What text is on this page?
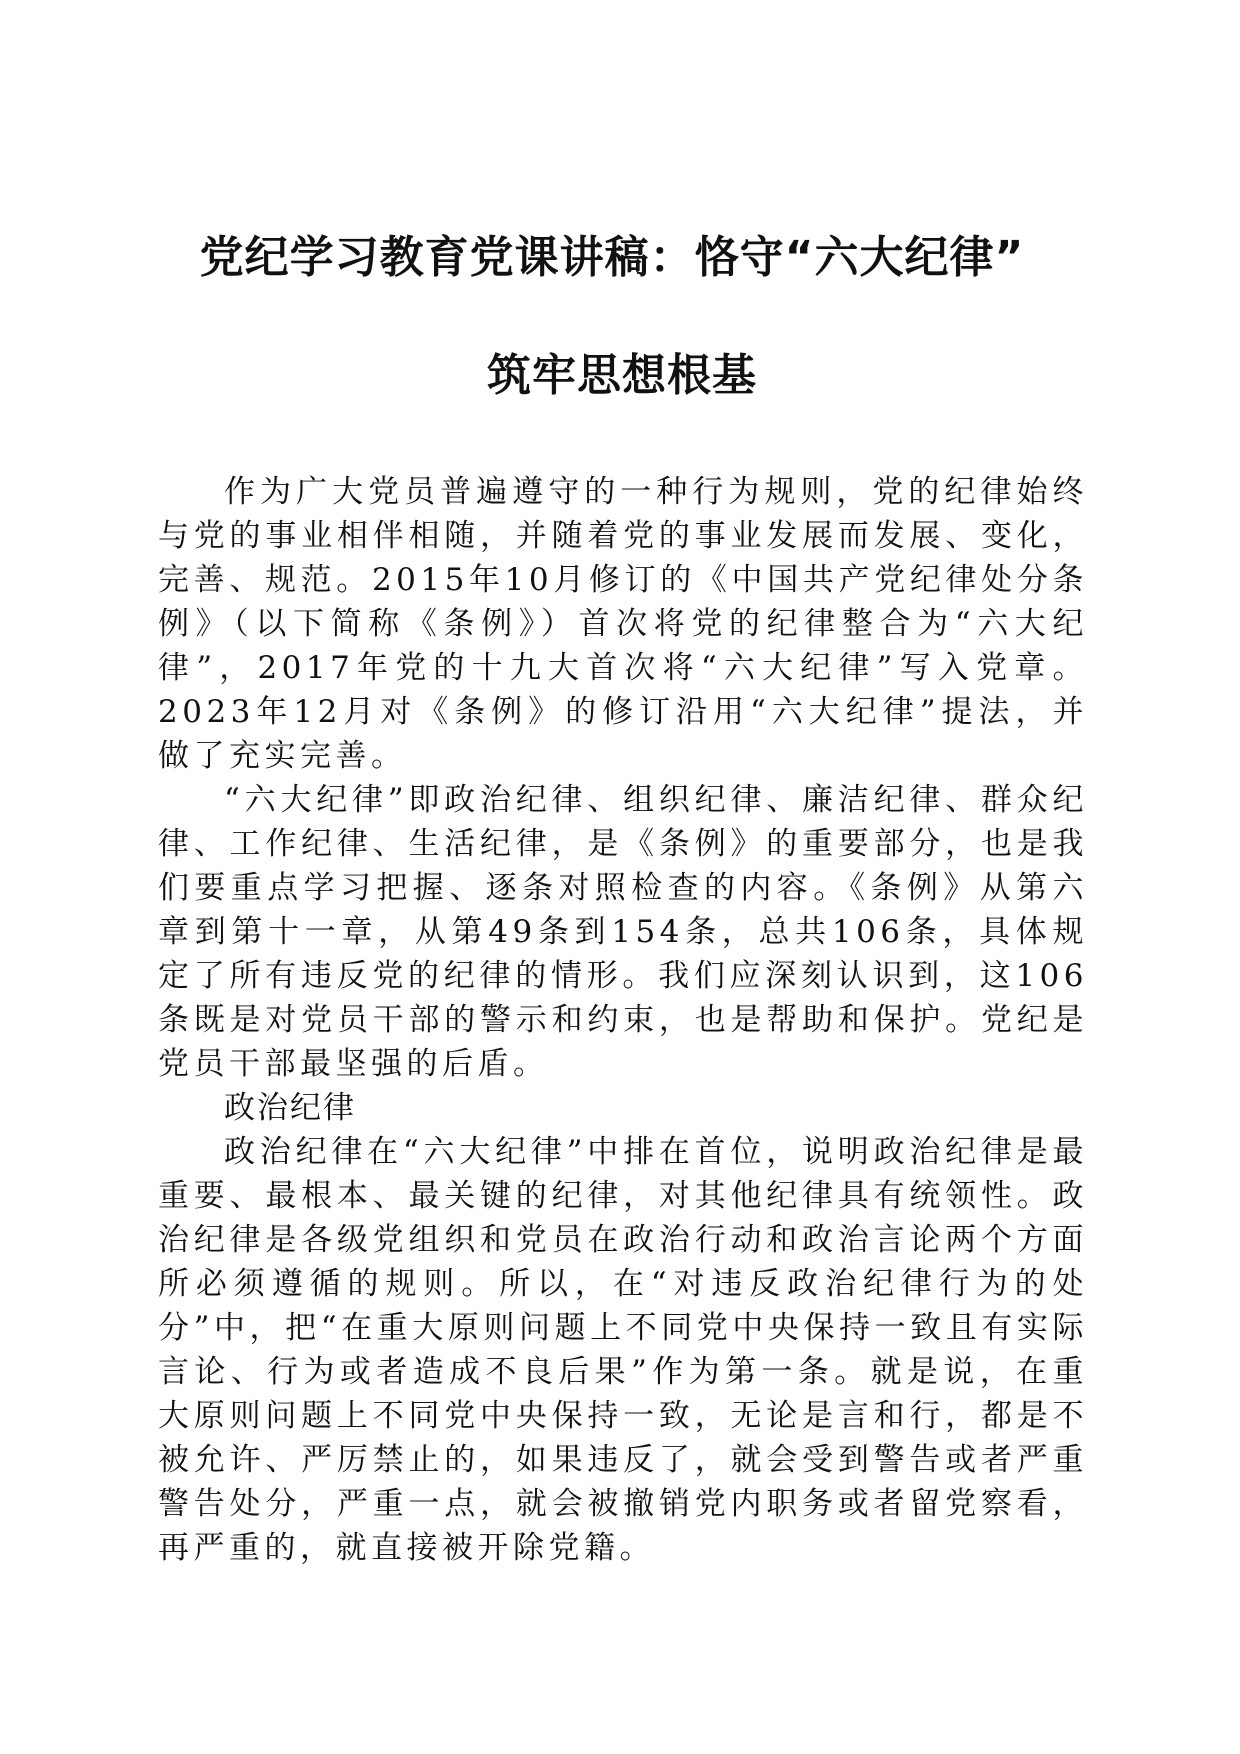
党纪学习教育党课讲稿：恪守“六大纪律”
筑牢思想根基

作为广大党员普遍遵守的一种行为规则，党的纪律始终与党的事业相伴相随，并随着党的事业发展而发展、变化，完善、规范。2015年10月修订的《中国共产党纪律处分条例》（以下简称《条例》）首次将党的纪律整合为“六大纪律”，2017年党的十九大首次将“六大纪律”写入党章。2023年12月对《条例》的修订沿用“六大纪律”提法，并做了充实完善。

“六大纪律”即政治纪律、组织纪律、廉洁纪律、群众纪律、工作纪律、生活纪律，是《条例》的重要部分，也是我们要重点学习把握、逐条对照检查的内容。《条例》从第六章到第十一章，从第49条到154条，总共106条，具体规定了所有违反党的纪律的情形。我们应深刻认识到，这106条既是对党员干部的警示和约束，也是帮助和保护。党纪是党员干部最坚强的后盾。

政治纪律

政治纪律在“六大纪律”中排在首位，说明政治纪律是最重要、最根本、最关键的纪律，对其他纪律具有统领性。政治纪律是各级党组织和党员在政治行动和政治言论两个方面所必须遵循的规则。所以，在“对违反政治纪律行为的处分”中，把“在重大原则问题上不同党中央保持一致且有实际言论、行为或者造成不良后果”作为第一条。就是说，在重大原则问题上不同党中央保持一致，无论是言和行，都是不被允许、严厉禁止的，如果违反了，就会受到警告或者严重警告处分，严重一点，就会被撤销党内职务或者留党察看，再严重的，就直接被开除党籍。
